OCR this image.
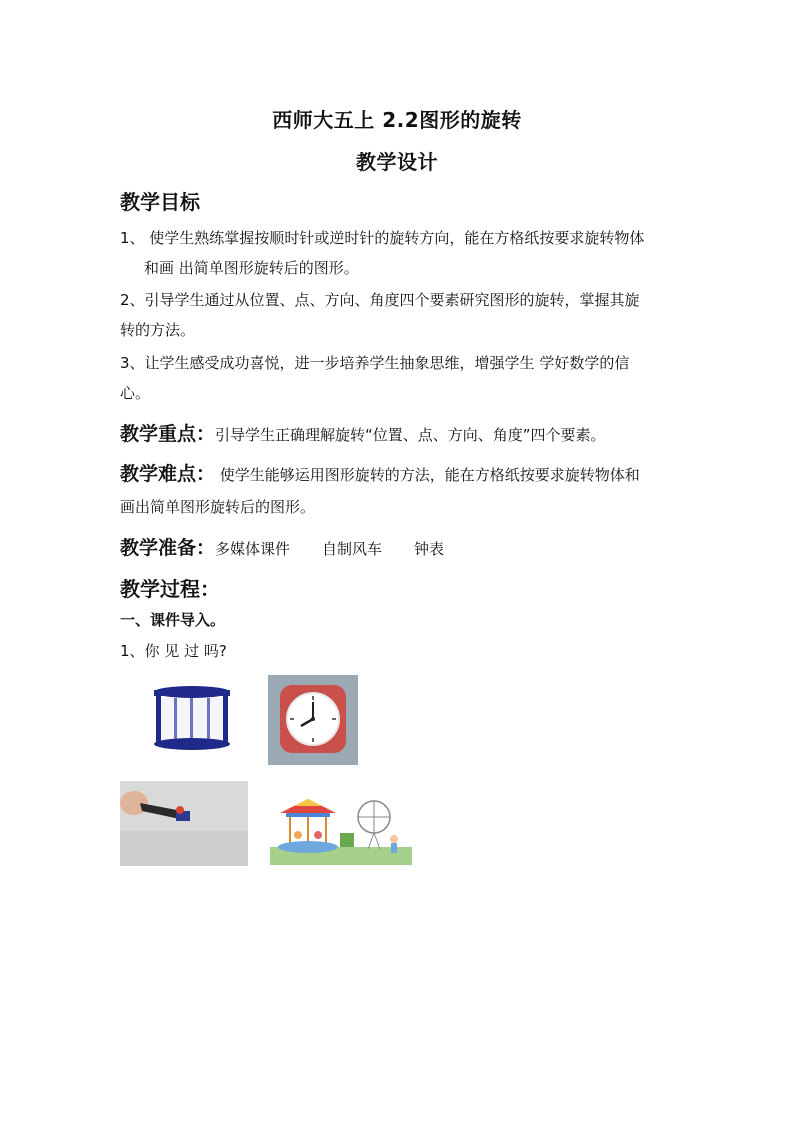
西师大五上 2.2图形的旋转
教学设计
教学目标
1、 使学生熟练掌握按顺时针或逆时针的旋转方向，能在方格纸按要求旋转物体
和画 出简单图形旋转后的图形。
2、引导学生通过从位置、点、方向、角度四个要素研究图形的旋转，掌握其旋
转的方法。
3、让学生感受成功喜悦，进一步培养学生抽象思维，增强学生 学好数学的信
心。
教学重点：引导学生正确理解旋转“位置、点、方向、角度”四个要素。
教学难点： 使学生能够运用图形旋转的方法，能在方格纸按要求旋转物体和
画出简单图形旋转后的图形。
教学准备：多媒体课件 自制风车 钟表
教学过程：
一、课件导入。
1、你 见 过 吗?
